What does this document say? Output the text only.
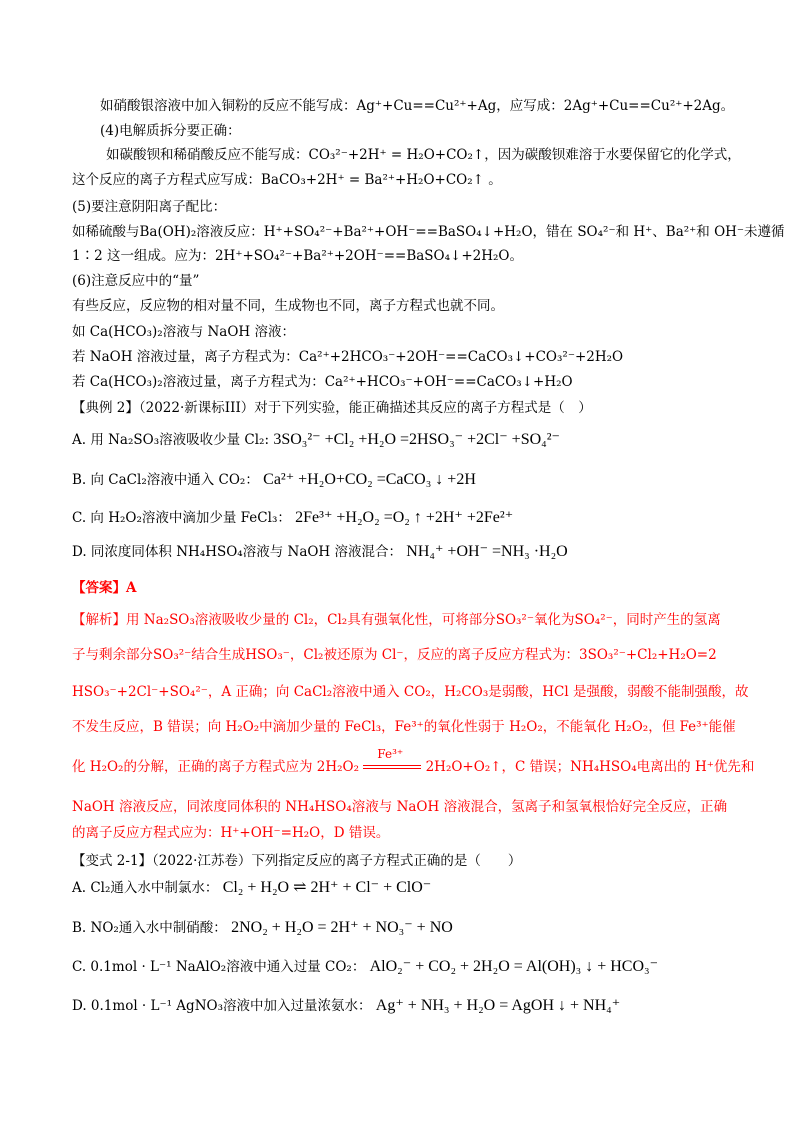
如硝酸银溶液中加入铜粉的反应不能写成：Ag⁺+Cu==Cu²⁺+Ag，应写成：2Ag⁺+Cu==Cu²⁺+2Ag。
(4)电解质拆分要正确：
如碳酸钡和稀硝酸反应不能写成：CO₃²⁻+2H⁺ = H₂O+CO₂↑，因为碳酸钡难溶于水要保留它的化学式，
这个反应的离子方程式应写成：BaCO₃+2H⁺ = Ba²⁺+H₂O+CO₂↑ 。
(5)要注意阴阳离子配比：
如稀硫酸与Ba(OH)₂溶液反应：H⁺+SO₄²⁻+Ba²⁺+OH⁻==BaSO₄↓+H₂O，错在 SO₄²⁻和 H⁺、Ba²⁺和 OH⁻未遵循
1∶2 这一组成。应为：2H⁺+SO₄²⁻+Ba²⁺+2OH⁻==BaSO₄↓+2H₂O。
(6)注意反应中的“量”
有些反应，反应物的相对量不同，生成物也不同，离子方程式也就不同。
如 Ca(HCO₃)₂溶液与 NaOH 溶液：
若 NaOH 溶液过量，离子方程式为：Ca²⁺+2HCO₃⁻+2OH⁻==CaCO₃↓+CO₃²⁻+2H₂O
若 Ca(HCO₃)₂溶液过量，离子方程式为：Ca²⁺+HCO₃⁻+OH⁻==CaCO₃↓+H₂O
【典例 2】（2022·新课标III）对于下列实验，能正确描述其反应的离子方程式是（　）
A. 用 Na₂SO₃溶液吸收少量 Cl₂: 3SO₃²⁻ +Cl₂ +H₂O =2HSO₃⁻ +2Cl⁻ +SO₄²⁻
B. 向 CaCl₂溶液中通入 CO₂： Ca²⁺ +H₂O+CO₂ =CaCO₃ ↓ +2H
C. 向 H₂O₂溶液中滴加少量 FeCl₃： 2Fe³⁺ +H₂O₂ =O₂ ↑ +2H⁺ +2Fe²⁺
D. 同浓度同体积 NH₄HSO₄溶液与 NaOH 溶液混合： NH₄⁺ +OH⁻ =NH₃ ·H₂O
【答案】A
【解析】用 Na₂SO₃溶液吸收少量的 Cl₂，Cl₂具有强氧化性，可将部分SO₃²⁻氧化为SO₄²⁻，同时产生的氢离
子与剩余部分SO₃²⁻结合生成HSO₃⁻，Cl₂被还原为 Cl⁻，反应的离子反应方程式为：3SO₃²⁻+Cl₂+H₂O=2
HSO₃⁻+2Cl⁻+SO₄²⁻，A 正确；向 CaCl₂溶液中通入 CO₂，H₂CO₃是弱酸，HCl 是强酸，弱酸不能制强酸，故
不发生反应，B 错误；向 H₂O₂中滴加少量的 FeCl₃，Fe³⁺的氧化性弱于 H₂O₂，不能氧化 H₂O₂，但 Fe³⁺能催
化 H₂O₂的分解，正确的离子方程式应为 2H₂O₂
Fe³⁺
2H₂O+O₂↑，C 错误；NH₄HSO₄电离出的 H⁺优先和
NaOH 溶液反应，同浓度同体积的 NH₄HSO₄溶液与 NaOH 溶液混合，氢离子和氢氧根恰好完全反应，正确
的离子反应方程式应为：H⁺+OH⁻=H₂O，D 错误。
【变式 2-1】（2022·江苏卷）下列指定反应的离子方程式正确的是（　　）
A. Cl₂通入水中制氯水： Cl₂ + H₂O ⇌ 2H⁺ + Cl⁻ + ClO⁻
B. NO₂通入水中制硝酸： 2NO₂ + H₂O = 2H⁺ + NO₃⁻ + NO
C. 0.1mol · L⁻¹ NaAlO₂溶液中通入过量 CO₂： AlO₂⁻ + CO₂ + 2H₂O = Al(OH)₃ ↓ + HCO₃⁻
D. 0.1mol · L⁻¹ AgNO₃溶液中加入过量浓氨水： Ag⁺ + NH₃ + H₂O = AgOH ↓ + NH₄⁺
